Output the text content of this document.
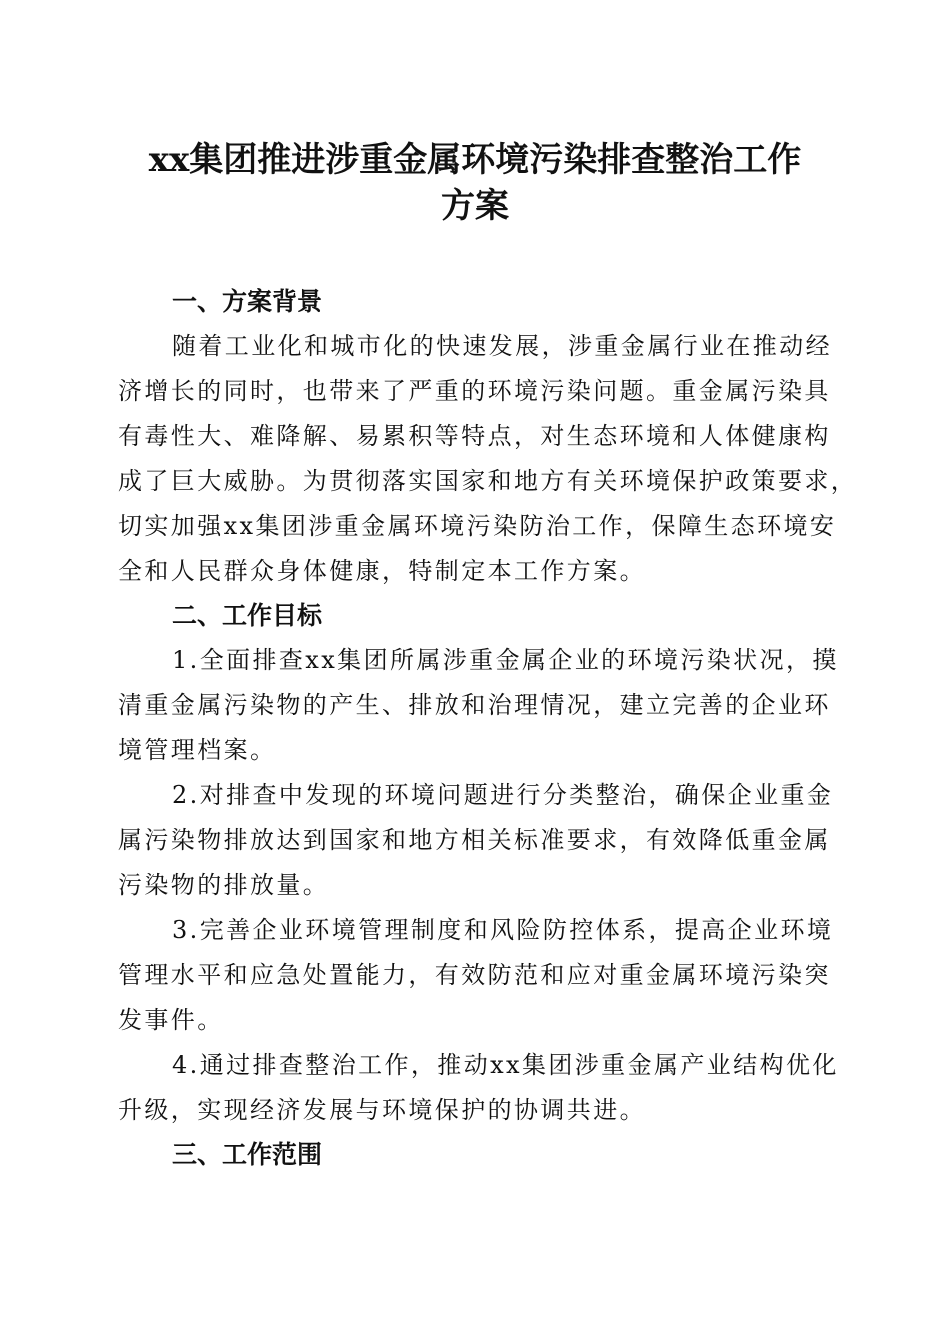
xx集团推进涉重金属环境污染排查整治工作
方案
一、方案背景

随着工业化和城市化的快速发展，涉重金属行业在推动经
济增长的同时，也带来了严重的环境污染问题。重金属污染具
有毒性大、难降解、易累积等特点，对生态环境和人体健康构
成了巨大威胁。为贯彻落实国家和地方有关环境保护政策要求，
切实加强xx集团涉重金属环境污染防治工作，保障生态环境安
全和人民群众身体健康，特制定本工作方案。

二、工作目标

1.全面排查xx集团所属涉重金属企业的环境污染状况，摸
清重金属污染物的产生、排放和治理情况，建立完善的企业环
境管理档案。

2.对排查中发现的环境问题进行分类整治，确保企业重金
属污染物排放达到国家和地方相关标准要求，有效降低重金属
污染物的排放量。

3.完善企业环境管理制度和风险防控体系，提高企业环境
管理水平和应急处置能力，有效防范和应对重金属环境污染突
发事件。

4.通过排查整治工作，推动xx集团涉重金属产业结构优化
升级，实现经济发展与环境保护的协调共进。

三、工作范围
